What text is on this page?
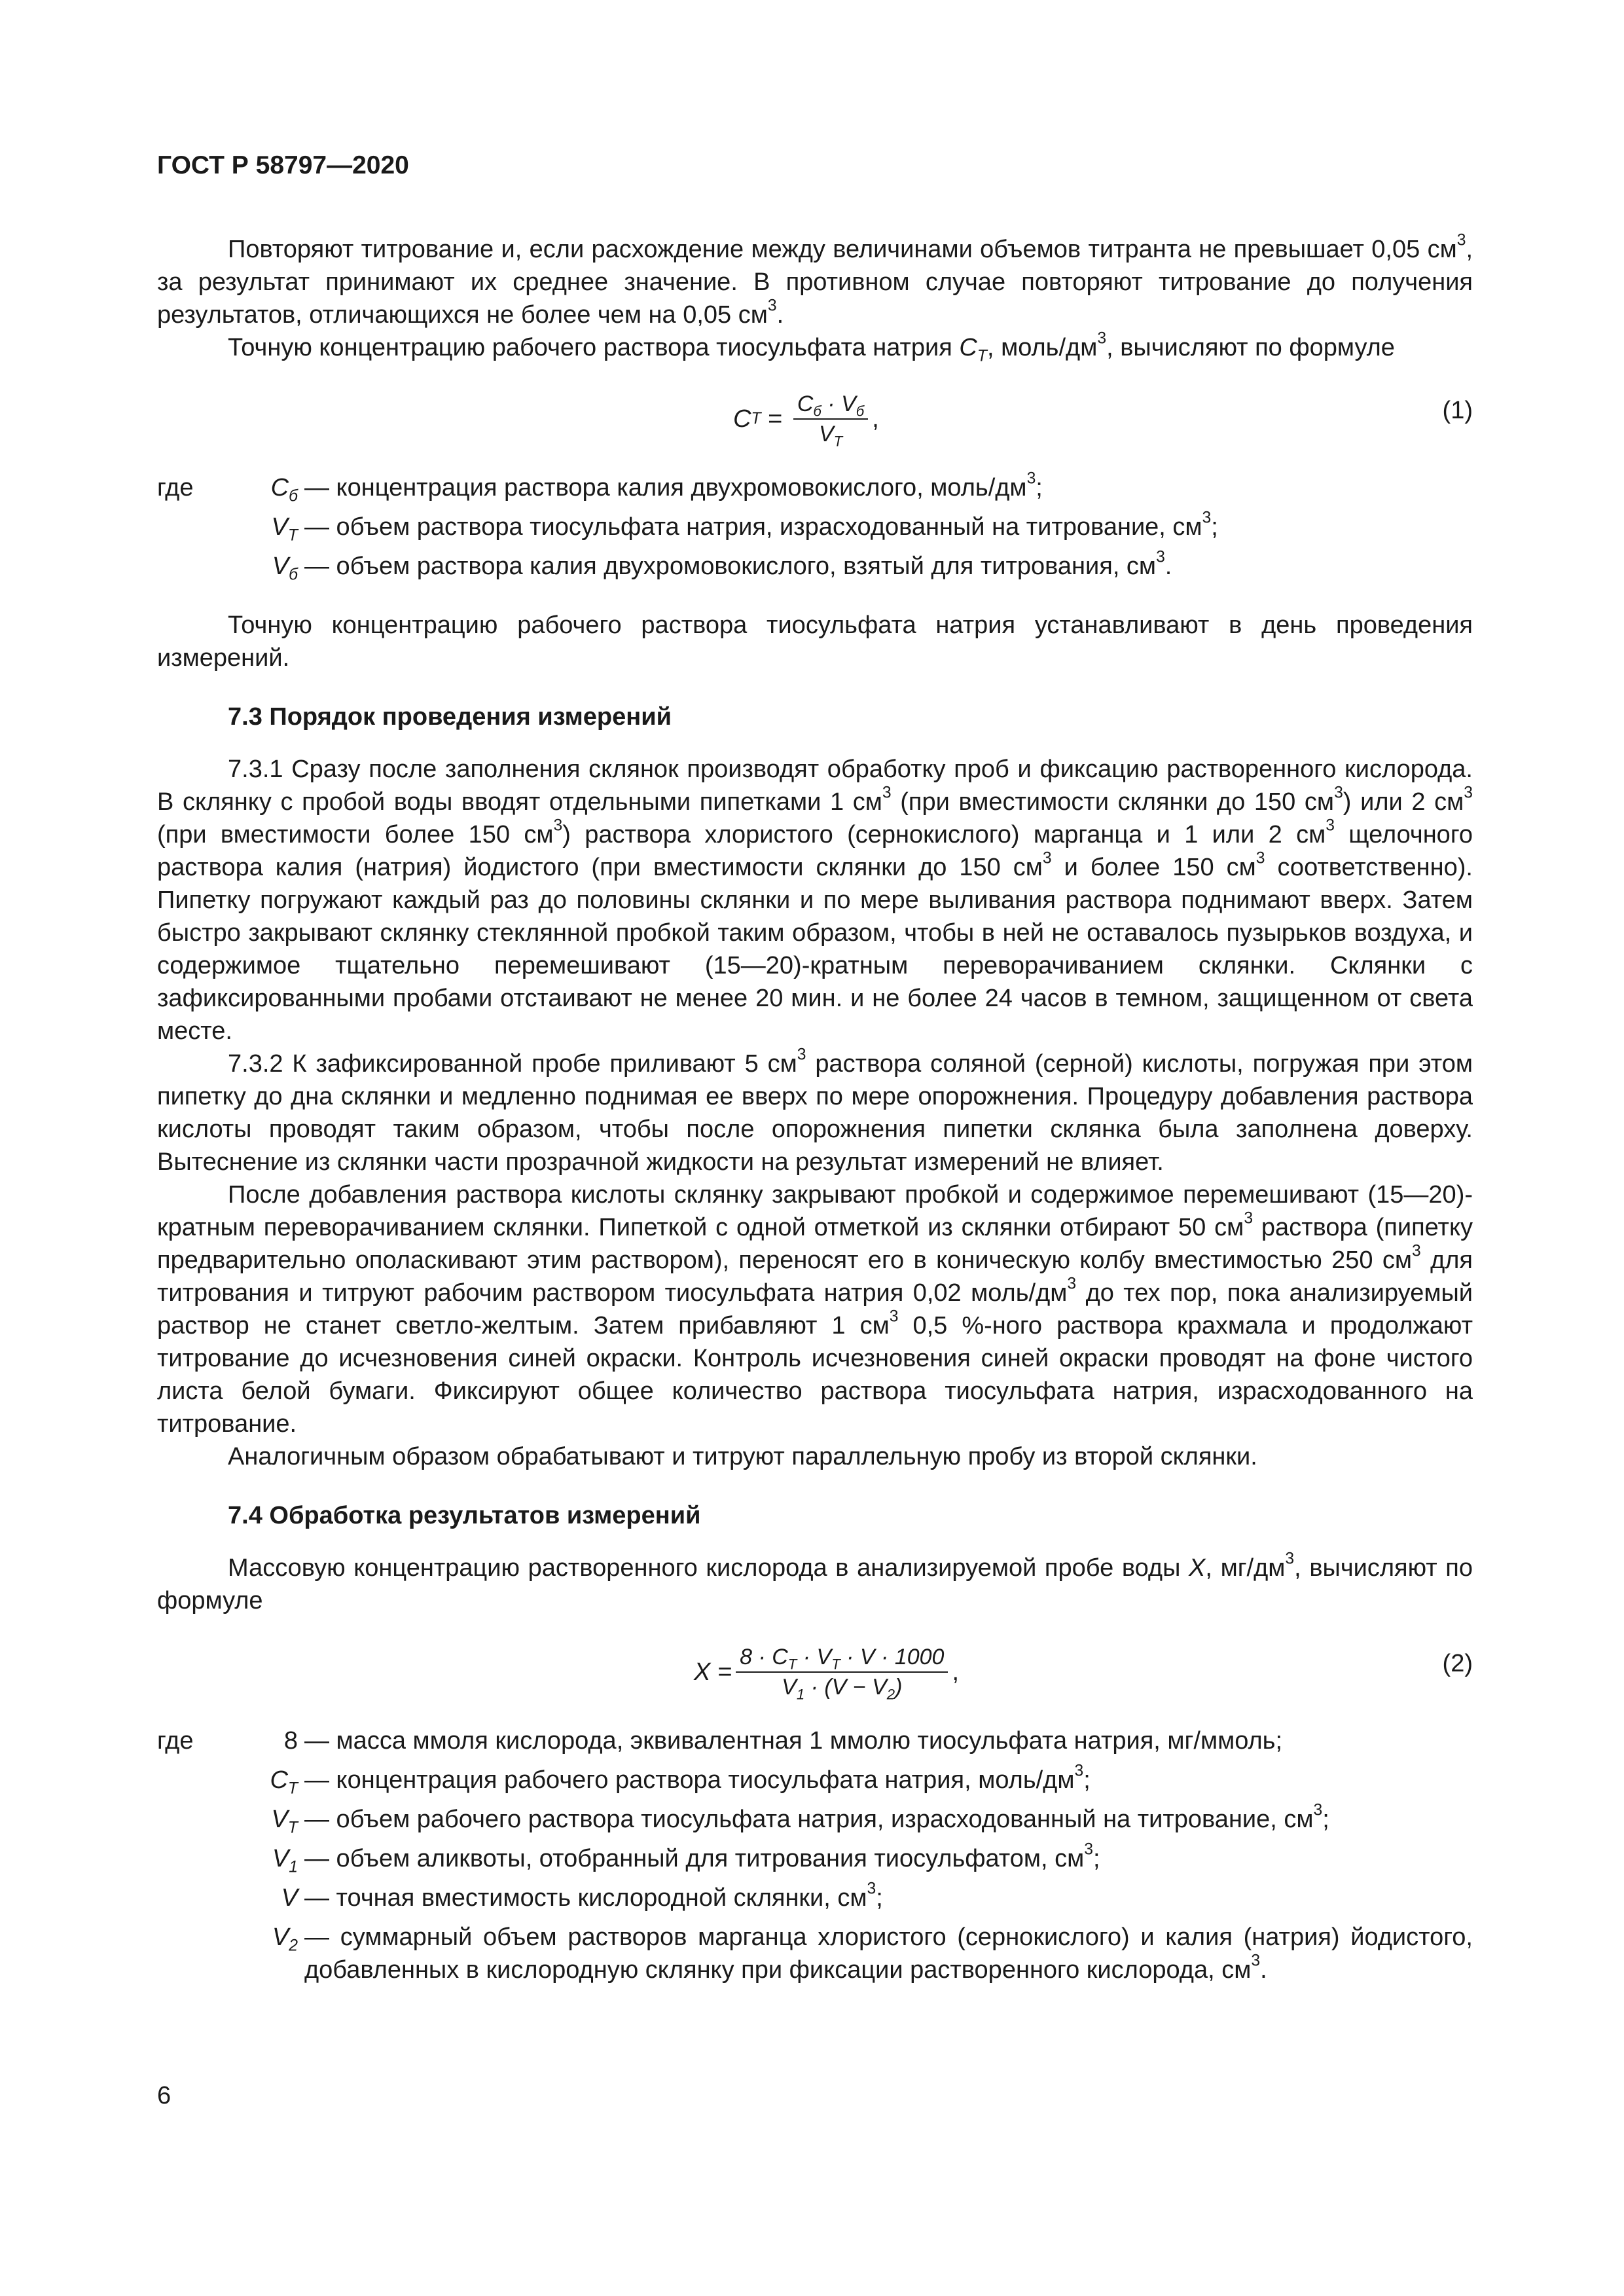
ГОСТ Р 58797—2020

Повторяют титрование и, если расхождение между величинами объемов титранта не превышает 0,05 $см^3$, за результат принимают их среднее значение. В противном случае повторяют титрование до получения результатов, отличающихся не более чем на 0,05 $см^3$.

Точную концентрацию рабочего раствора тиосульфата натрия $C_T$, моль/$дм^3$, вычисляют по формуле

C $T = \frac{C_б \cdot V_б}{V_T}$ ,	(1)
где	$C_б$ — концентрация раствора калия двухромовокислого, моль/$дм^3$;
$V_T$ — объем раствора тиосульфата натрия, израсходованный на титрование, $см^3$;
$V_б$ — объем раствора калия двухромовокислого, взятый для титрования, $см^3$.

Точную концентрацию рабочего раствора тиосульфата натрия устанавливают в день проведения измерений.

7.3 Порядок проведения измерений

7.3.1 Сразу после заполнения склянок производят обработку проб и фиксацию растворенного кислорода. В склянку с пробой воды вводят отдельными пипетками 1 $см^3$ (при вместимости склянки до 150 $см^3$) или 2 $см^3$ (при вместимости более 150 $см^3$) раствора хлористого (сернокислого) марганца и 1 или 2 $см^3$ щелочного раствора калия (натрия) йодистого (при вместимости склянки до 150 $см^3$ и более 150 $см^3$ соответственно). Пипетку погружают каждый раз до половины склянки и по мере выливания раствора поднимают вверх. Затем быстро закрывают склянку стеклянной пробкой таким образом, чтобы в ней не оставалось пузырьков воздуха, и содержимое тщательно перемешивают (15—20)-кратным переворачиванием склянки. Склянки с зафиксированными пробами отстаивают не менее 20 мин. и не более 24 часов в темном, защищенном от света месте.

7.3.2 К зафиксированной пробе приливают 5 $см^3$ раствора соляной (серной) кислоты, погружая при этом пипетку до дна склянки и медленно поднимая ее вверх по мере опорожнения. Процедуру добавления раствора кислоты проводят таким образом, чтобы после опорожнения пипетки склянка была заполнена доверху. Вытеснение из склянки части прозрачной жидкости на результат измерений не влияет.

После добавления раствора кислоты склянку закрывают пробкой и содержимое перемешивают (15—20)-кратным переворачиванием склянки. Пипеткой с одной отметкой из склянки отбирают 50 $см^3$ раствора (пипетку предварительно ополаскивают этим раствором), переносят его в коническую колбу вместимостью 250 $см^3$ для титрования и титруют рабочим раствором тиосульфата натрия 0,02 моль/$дм^3$ до тех пор, пока анализируемый раствор не станет светло-желтым. Затем прибавляют 1 $см^3$ 0,5 %-ного раствора крахмала и продолжают титрование до исчезновения синей окраски. Контроль исчезновения синей окраски проводят на фоне чистого листа белой бумаги. Фиксируют общее количество раствора тиосульфата натрия, израсходованного на титрование.

Аналогичным образом обрабатывают и титруют параллельную пробу из второй склянки.

7.4 Обработка результатов измерений

Массовую концентрацию растворенного кислорода в анализируемой пробе воды X, $мг/дм^3$, вычисляют по формуле

$X = \frac{8 \cdot C_T \cdot V_T \cdot V \cdot 1000}{V_1 \cdot (V - V_2)}$ ,	(2)
где	8 — масса ммоля кислорода, эквивалентная 1 ммолю тиосульфата натрия, мг/ммоль;
$C_T$ — концентрация рабочего раствора тиосульфата натрия, моль/$дм^3$;
$V_T$ — объем рабочего раствора тиосульфата натрия, израсходованный на титрование, $см^3$;
$V_1$ — объем аликвоты, отобранный для титрования тиосульфатом, $см^3$;
V — точная вместимость кислородной склянки, $см^3$;
$V_2$ — суммарный объем растворов марганца хлористого (сернокислого) и калия (натрия) йодистого, добавленных в кислородную склянку при фиксации растворенного кислорода, $см^3$.
6
